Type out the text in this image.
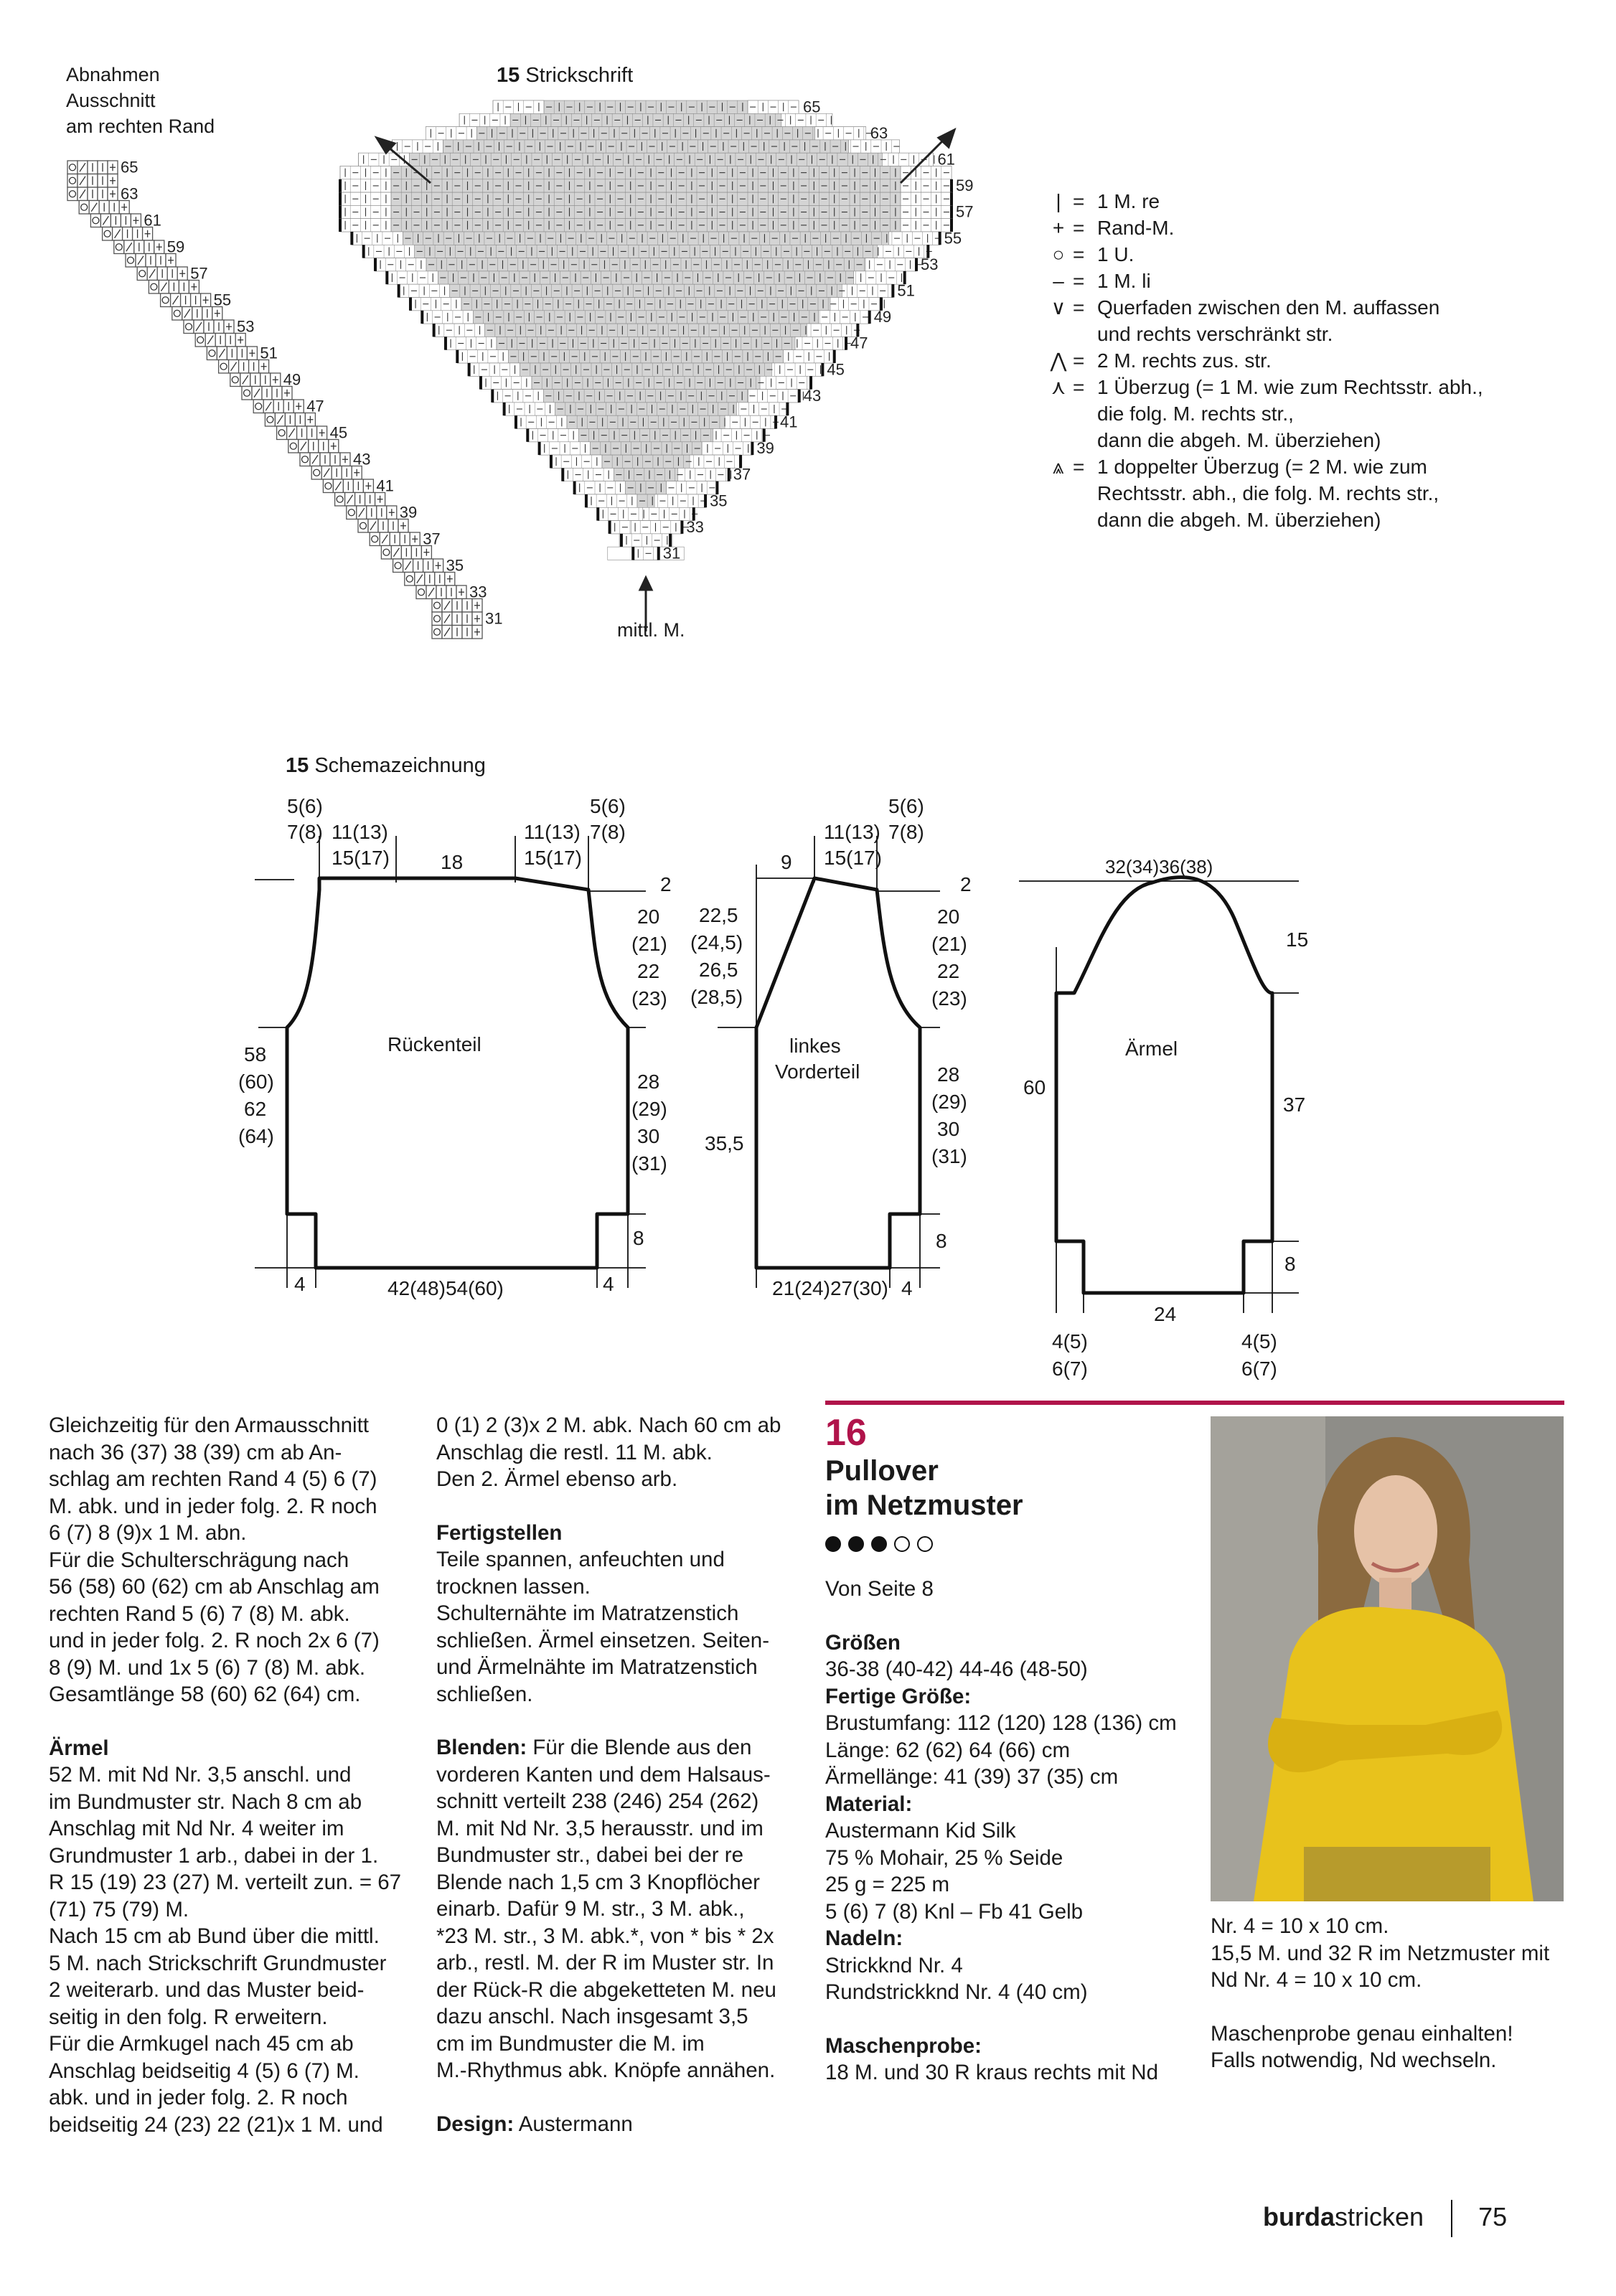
Abnahmen
Ausschnitt
am rechten Rand
65
63
61
59
57
55
53
51
49
47
45
43
41
39
37
35
33
31
65
63
61
59
57
55
53
51
49
47
45
43
41
39
37
35
33
31
15 Strickschrift
mittl. M.
| = 1 M. re
+ = Rand-M.
○ = 1 U.
– = 1 M. li
∨ = Querfaden zwischen den M. auffassen
und rechts verschränkt str.
⋀ = 2 M. rechts zus. str.
⋏ = 1 Überzug (= 1 M. wie zum Rechtsstr. abh.,
die folg. M. rechts str.,
dann die abgeh. M. überziehen)
⩓ = 1 doppelter Überzug (= 2 M. wie zum
Rechtsstr. abh., die folg. M. rechts str.,
dann die abgeh. M. überziehen)
15 Schemazeichnung
5(6)
7(8) 11(13)
15(17)	18
11(13)
15(17)
5(6)
7(8)
2
20
(21)
22
(23)
Rückenteil
28
(29)
30
(31)
58
(60)
62
(64)
8
4	42(48)54(60)	4
9
11(13)
15(17)
5(6)
7(8)
2
22,5
(24,5)
26,5
(28,5)
20
(21)
22
(23)
linkes
Vorderteil	28
(29)
30
(31)
35,5
8
21(24)27(30) 4
32(34)36(38)
15
Ärmel
60
37
8
24
4(5)
6(7)
4(5)
6(7)

Gleichzeitig für den Armausschnitt

nach 36 (37) 38 (39) cm ab An-

schlag am rechten Rand 4 (5) 6 (7)

M. abk. und in jeder folg. 2. R noch

6 (7) 8 (9)x 1 M. abn.

Für die Schulterschrägung nach

56 (58) 60 (62) cm ab Anschlag am

rechten Rand 5 (6) 7 (8) M. abk.

und in jeder folg. 2. R noch 2x 6 (7)

8 (9) M. und 1x 5 (6) 7 (8) M. abk.

Gesamtlänge 58 (60) 62 (64) cm.

Ärmel

52 M. mit Nd Nr. 3,5 anschl. und

im Bundmuster str. Nach 8 cm ab

Anschlag mit Nd Nr. 4 weiter im

Grundmuster 1 arb., dabei in der 1.

R 15 (19) 23 (27) M. verteilt zun. = 67

(71) 75 (79) M.

Nach 15 cm ab Bund über die mittl.

5 M. nach Strickschrift Grundmuster

2 weiterarb. und das Muster beid-

seitig in den folg. R erweitern.

Für die Armkugel nach 45 cm ab

Anschlag beidseitig 4 (5) 6 (7) M.

abk. und in jeder folg. 2. R noch

beidseitig 24 (23) 22 (21)x 1 M. und

0 (1) 2 (3)x 2 M. abk. Nach 60 cm ab

Anschlag die restl. 11 M. abk.

Den 2. Ärmel ebenso arb.

Fertigstellen

Teile spannen, anfeuchten und

trocknen lassen.

Schulternähte im Matratzenstich

schließen. Ärmel einsetzen. Seiten-

und Ärmelnähte im Matratzenstich

schließen.

Blenden: Für die Blende aus den

vorderen Kanten und dem Halsaus-

schnitt verteilt 238 (246) 254 (262)

M. mit Nd Nr. 3,5 herausstr. und im

Bundmuster str., dabei bei der re

Blende nach 1,5 cm 3 Knopflöcher

einarb. Dafür 9 M. str., 3 M. abk.,

*23 M. str., 3 M. abk.*, von * bis * 2x

arb., restl. M. der R im Muster str. In

der Rück-R die abgeketteten M. neu

dazu anschl. Nach insgesamt 3,5

cm im Bundmuster die M. im

M.-Rhythmus abk. Knöpfe annähen.

Design: Austermann

16
Pullover
im Netzmuster

Von Seite 8

Größen

36-38 (40-42) 44-46 (48-50)

Fertige Größe:

Brustumfang: 112 (120) 128 (136) cm

Länge: 62 (62) 64 (66) cm

Ärmellänge: 41 (39) 37 (35) cm

Material:

Austermann Kid Silk

75 % Mohair, 25 % Seide

25 g = 225 m

5 (6) 7 (8) Knl – Fb 41 Gelb

Nadeln:

Strickknd Nr. 4

Rundstrickknd Nr. 4 (40 cm)

Maschenprobe:

18 M. und 30 R kraus rechts mit Nd

Nr. 4 = 10 x 10 cm.

15,5 M. und 32 R im Netzmuster mit

Nd Nr. 4 = 10 x 10 cm.

Maschenprobe genau einhalten!

Falls notwendig, Nd wechseln.

burdastricken 75
